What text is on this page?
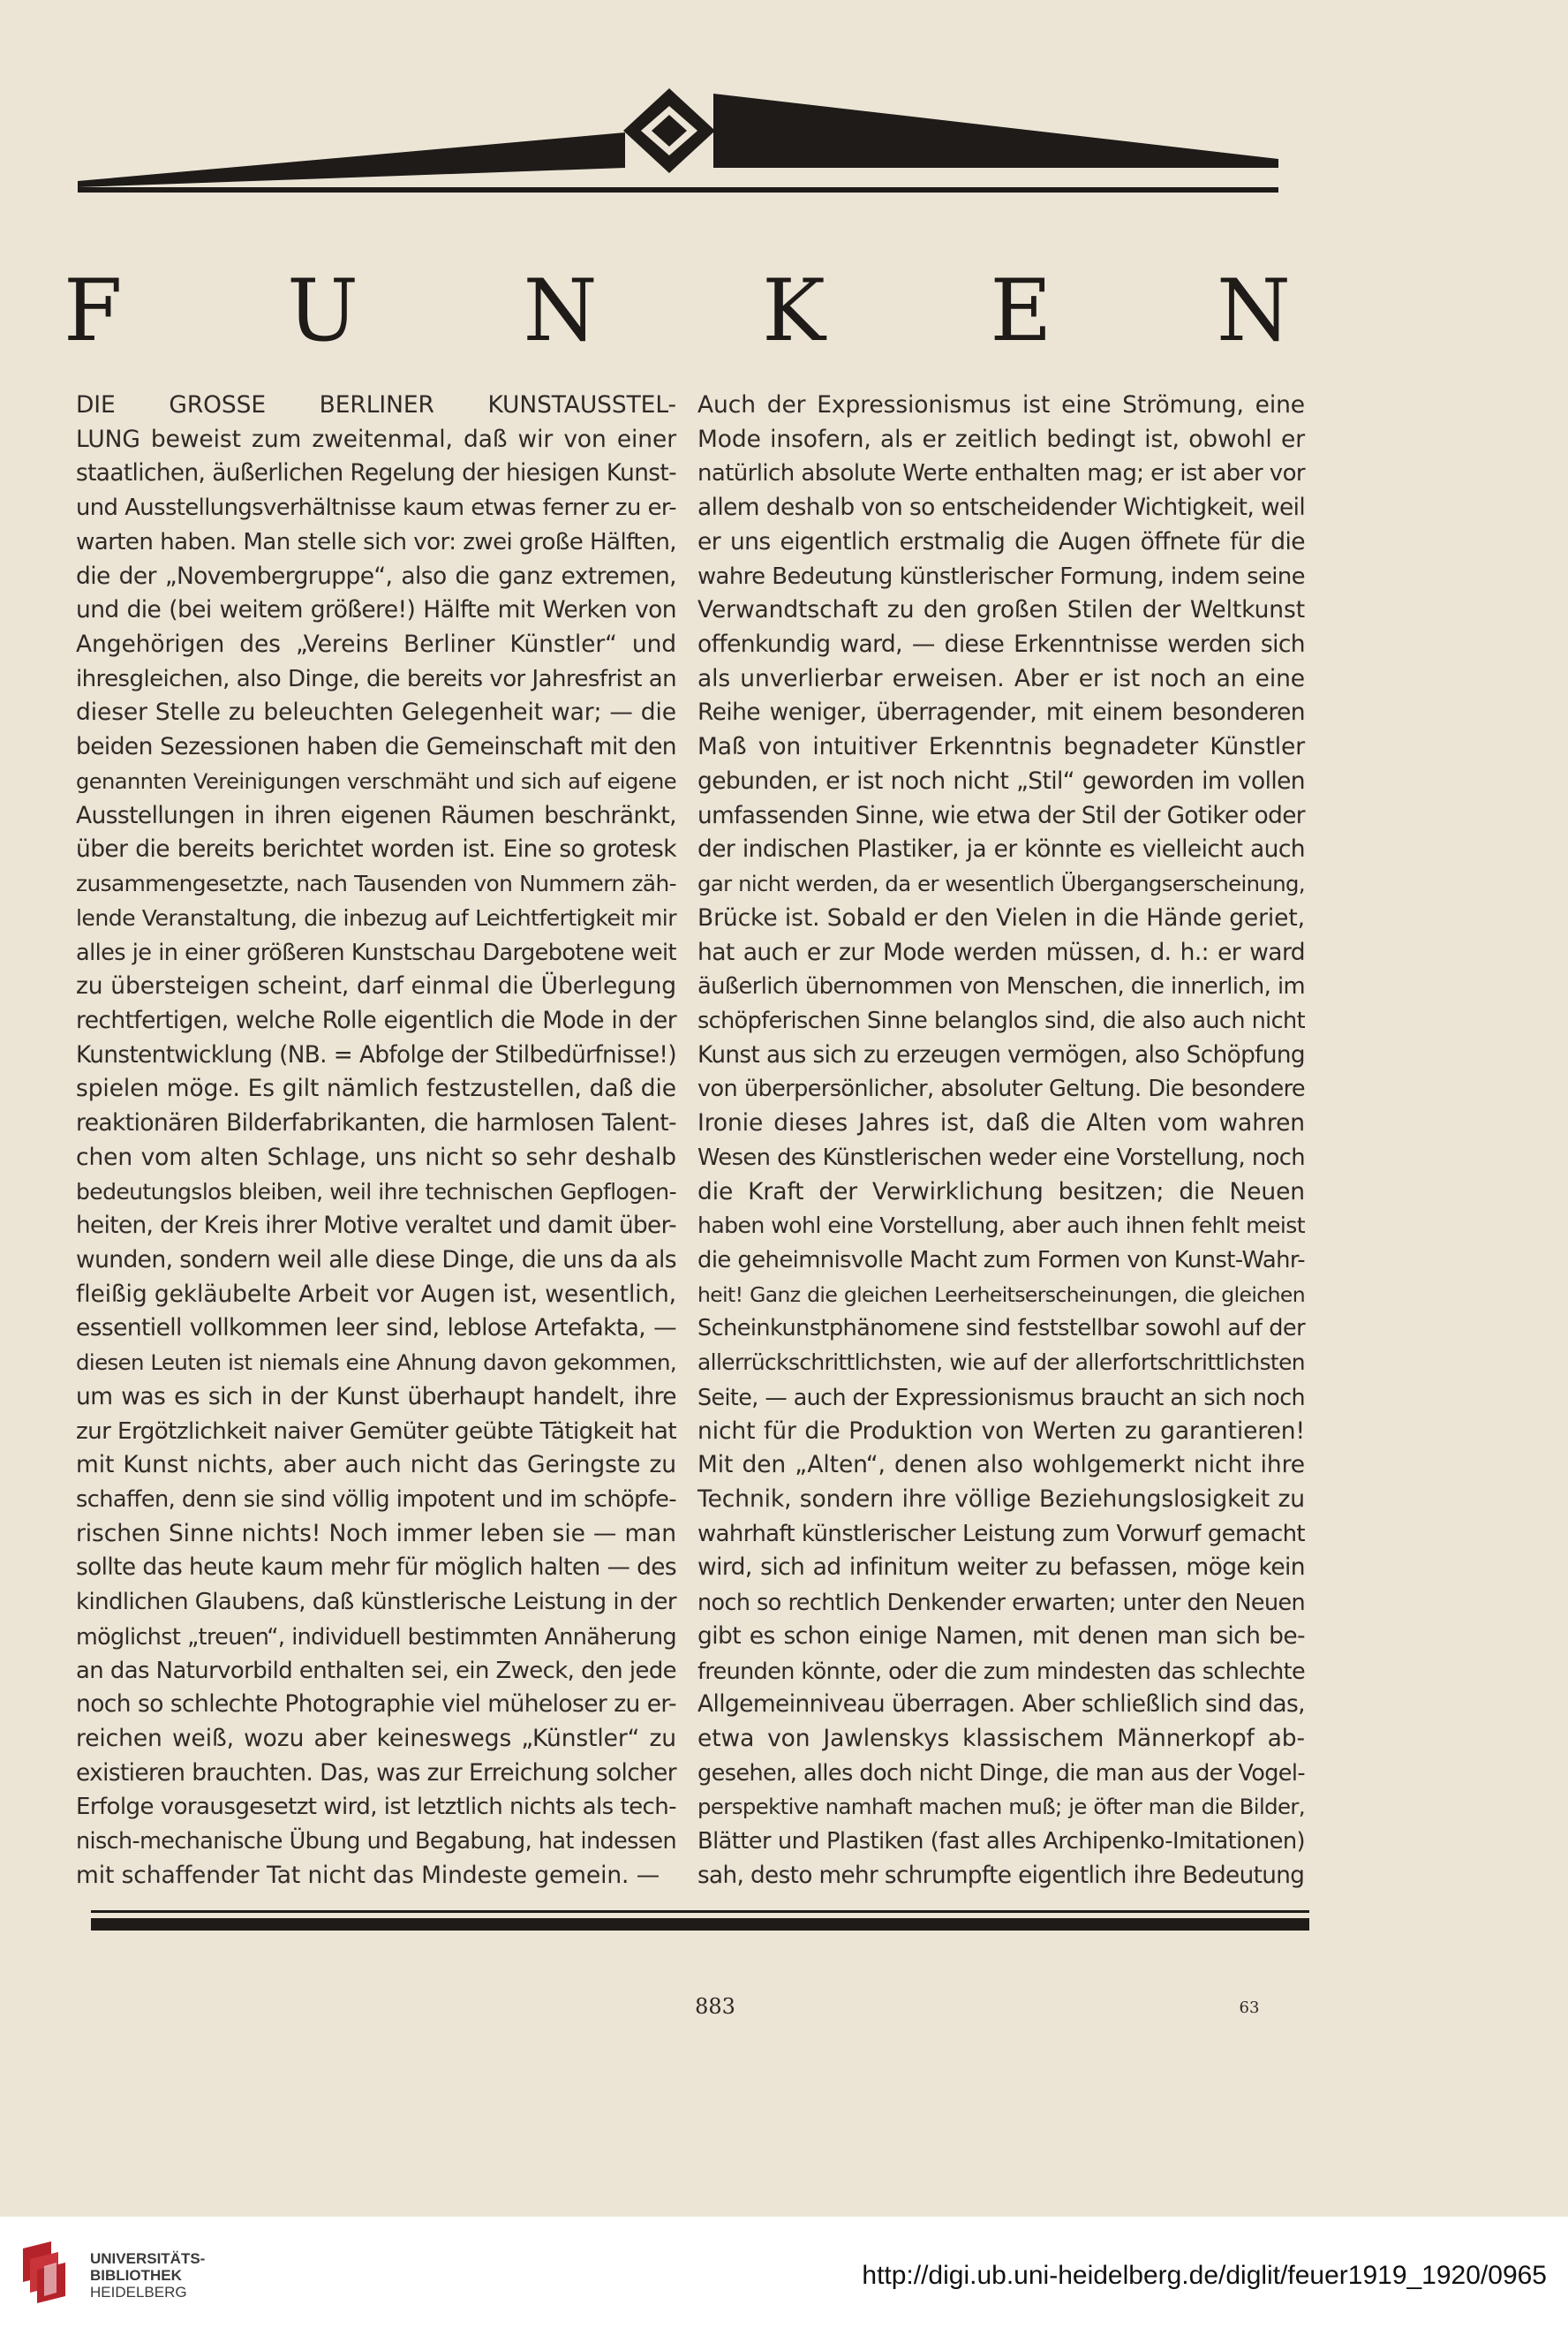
F U N K E N
DIE GROSSE BERLINER KUNSTAUSSTEL-
LUNG beweist zum zweitenmal, daß wir von einer
staatlichen, äußerlichen Regelung der hiesigen Kunst-
und Ausstellungsverhältnisse kaum etwas ferner zu er-
warten haben. Man stelle sich vor: zwei große Hälften,
die der „Novembergruppe“, also die ganz extremen,
und die (bei weitem größere!) Hälfte mit Werken von
Angehörigen des „Vereins Berliner Künstler“ und
ihresgleichen, also Dinge, die bereits vor Jahresfrist an
dieser Stelle zu beleuchten Gelegenheit war; — die
beiden Sezessionen haben die Gemeinschaft mit den
genannten Vereinigungen verschmäht und sich auf eigene
Ausstellungen in ihren eigenen Räumen beschränkt,
über die bereits berichtet worden ist. Eine so grotesk
zusammengesetzte, nach Tausenden von Nummern zäh-
lende Veranstaltung, die inbezug auf Leichtfertigkeit mir
alles je in einer größeren Kunstschau Dargebotene weit
zu übersteigen scheint, darf einmal die Überlegung
rechtfertigen, welche Rolle eigentlich die Mode in der
Kunstentwicklung (NB. = Abfolge der Stilbedürfnisse!)
spielen möge. Es gilt nämlich festzustellen, daß die
reaktionären Bilderfabrikanten, die harmlosen Talent-
chen vom alten Schlage, uns nicht so sehr deshalb
bedeutungslos bleiben, weil ihre technischen Gepflogen-
heiten, der Kreis ihrer Motive veraltet und damit über-
wunden, sondern weil alle diese Dinge, die uns da als
fleißig gekläubelte Arbeit vor Augen ist, wesentlich,
essentiell vollkommen leer sind, leblose Artefakta, —
diesen Leuten ist niemals eine Ahnung davon gekommen,
um was es sich in der Kunst überhaupt handelt, ihre
zur Ergötzlichkeit naiver Gemüter geübte Tätigkeit hat
mit Kunst nichts, aber auch nicht das Geringste zu
schaffen, denn sie sind völlig impotent und im schöpfe-
rischen Sinne nichts! Noch immer leben sie — man
sollte das heute kaum mehr für möglich halten — des
kindlichen Glaubens, daß künstlerische Leistung in der
möglichst „treuen“, individuell bestimmten Annäherung
an das Naturvorbild enthalten sei, ein Zweck, den jede
noch so schlechte Photographie viel müheloser zu er-
reichen weiß, wozu aber keineswegs „Künstler“ zu
existieren brauchten. Das, was zur Erreichung solcher
Erfolge vorausgesetzt wird, ist letztlich nichts als tech-
nisch-mechanische Übung und Begabung, hat indessen
mit schaffender Tat nicht das Mindeste gemein. —
Auch der Expressionismus ist eine Strömung, eine
Mode insofern, als er zeitlich bedingt ist, obwohl er
natürlich absolute Werte enthalten mag; er ist aber vor
allem deshalb von so entscheidender Wichtigkeit, weil
er uns eigentlich erstmalig die Augen öffnete für die
wahre Bedeutung künstlerischer Formung, indem seine
Verwandtschaft zu den großen Stilen der Weltkunst
offenkundig ward, — diese Erkenntnisse werden sich
als unverlierbar erweisen. Aber er ist noch an eine
Reihe weniger, überragender, mit einem besonderen
Maß von intuitiver Erkenntnis begnadeter Künstler
gebunden, er ist noch nicht „Stil“ geworden im vollen
umfassenden Sinne, wie etwa der Stil der Gotiker oder
der indischen Plastiker, ja er könnte es vielleicht auch
gar nicht werden, da er wesentlich Übergangserscheinung,
Brücke ist. Sobald er den Vielen in die Hände geriet,
hat auch er zur Mode werden müssen, d. h.: er ward
äußerlich übernommen von Menschen, die innerlich, im
schöpferischen Sinne belanglos sind, die also auch nicht
Kunst aus sich zu erzeugen vermögen, also Schöpfung
von überpersönlicher, absoluter Geltung. Die besondere
Ironie dieses Jahres ist, daß die Alten vom wahren
Wesen des Künstlerischen weder eine Vorstellung, noch
die Kraft der Verwirklichung besitzen; die Neuen
haben wohl eine Vorstellung, aber auch ihnen fehlt meist
die geheimnisvolle Macht zum Formen von Kunst-Wahr-
heit! Ganz die gleichen Leerheitserscheinungen, die gleichen
Scheinkunstphänomene sind feststellbar sowohl auf der
allerrückschrittlichsten, wie auf der allerfortschrittlichsten
Seite, — auch der Expressionismus braucht an sich noch
nicht für die Produktion von Werten zu garantieren!
Mit den „Alten“, denen also wohlgemerkt nicht ihre
Technik, sondern ihre völlige Beziehungslosigkeit zu
wahrhaft künstlerischer Leistung zum Vorwurf gemacht
wird, sich ad infinitum weiter zu befassen, möge kein
noch so rechtlich Denkender erwarten; unter den Neuen
gibt es schon einige Namen, mit denen man sich be-
freunden könnte, oder die zum mindesten das schlechte
Allgemeinniveau überragen. Aber schließlich sind das,
etwa von Jawlenskys klassischem Männerkopf ab-
gesehen, alles doch nicht Dinge, die man aus der Vogel-
perspektive namhaft machen muß; je öfter man die Bilder,
Blätter und Plastiken (fast alles Archipenko-Imitationen)
sah, desto mehr schrumpfte eigentlich ihre Bedeutung
883	63
UNIVERSITÄTS-
BIBLIOTHEK
HEIDELBERG
http://digi.ub.uni-heidelberg.de/diglit/feuer1919_1920/0965
